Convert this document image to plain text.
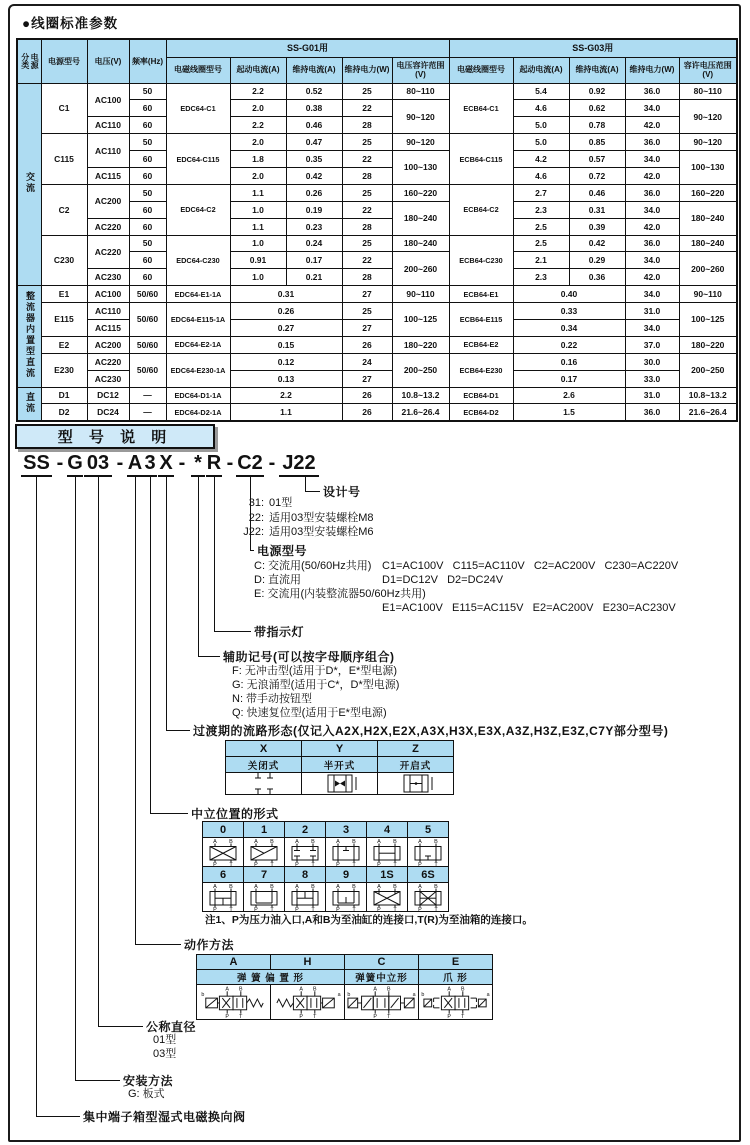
●线圈标准参数
分类 电源	电源型号	电压(V)	频率(Hz)	SS-G01用					SS-G03用				
				电磁线圈型号	起动电流(A)	维持电流(A)	维持电力(W)	电压容许范围(V)	电磁线圈型号	起动电流(A)	维持电流(A)	维持电力(W)	容许电压范围(V)
交流	C1	AC100	50	EDC64-C1	2.2	0.52	25	80~110	ECB64-C1	5.4	0.92	36.0	80~110
			60		2.0	0.38	22	90~120		4.6	0.62	34.0	90~120
		AC110	60		2.2	0.46	28			5.0	0.78	42.0	
	C115	AC110	50	EDC64-C115	2.0	0.47	25	90~120	ECB64-C115	5.0	0.85	36.0	90~120
			60		1.8	0.35	22	100~130		4.2	0.57	34.0	100~130
		AC115	60		2.0	0.42	28			4.6	0.72	42.0	
	C2	AC200	50	EDC64-C2	1.1	0.26	25	160~220	ECB64-C2	2.7	0.46	36.0	160~220
			60		1.0	0.19	22	180~240		2.3	0.31	34.0	180~240
		AC220	60		1.1	0.23	28			2.5	0.39	42.0	
	C230	AC220	50	EDC64-C230	1.0	0.24	25	180~240	ECB64-C230	2.5	0.42	36.0	180~240
			60		0.91	0.17	22	200~260		2.1	0.29	34.0	200~260
		AC230	60		1.0	0.21	28			2.3	0.36	42.0	
整流器内置型直流	E1	AC100	50/60	EDC64-E1-1A	0.31		27	90~110	ECB64-E1	0.40		34.0	90~110
	E115	AC110	50/60	EDC64-E115-1A	0.26		25	100~125	ECB64-E115	0.33		31.0	100~125
		AC115			0.27		27			0.34		34.0	
	E2	AC200	50/60	EDC64-E2-1A	0.15		26	180~220	ECB64-E2	0.22		37.0	180~220
	E230	AC220	50/60	EDC64-E230-1A	0.12		24	200~250	ECB64-E230	0.16		30.0	200~250
		AC230			0.13		27			0.17		33.0	
直流	D1	DC12	—	EDC64-D1-1A	2.2		26	10.8~13.2	ECB64-D1	2.6		31.0	10.8~13.2
	D2	DC24	—	EDC64-D2-1A	1.1		26	21.6~26.4	ECB64-D2	1.5		36.0	21.6~26.4
型 号 说 明
SS - G 03 - A 3 X - * R - C2 - J22
集中端子箱型湿式电磁换向阀
安装方法
公称直径
动作方法
中立位置的形式
过渡期的流路形态(仅记入A2X,H2X,E2X,A3X,H3X,E3X,A3Z,H3Z,E3Z,C7Y部分型号)
辅助记号(可以按字母顺序组合)
带指示灯
电源型号
设计号
31: 01型
22: 适用03型安装螺栓M8
J22: 适用03型安装螺栓M6
C: 交流用(50/60Hz共用) C1=AC100V   C115=AC110V   C2=AC200V   C230=AC220V
D: 直流用	D1=DC12V   D2=DC24V
E: 交流用(内装整流器50/60Hz共用)
E1=AC100V   E115=AC115V   E2=AC200V   E230=AC230V
F: 无冲击型(适用于D*，E*型电源)
G: 无浪涌型(适用于C*，D*型电源)
N: 带手动按钮型
Q: 快速复位型(适用于E*型电源)
01型
03型
G: 板式
注1、P为压力油入口,A和B为至油缸的连接口,T(R)为至油箱的连接口。
X	Y	Z
关闭式	半开式	开启式

0	1	2	3	4	5

A B
P T	A B
P T	A B
P T	A B
P T	A B
P T	A B
P T

6	7	8	9	1S	6S

A B
P T	A B
P T	A B
P T	A B
P T	A B
P T	A B
P T
A	H	C	E
弹 簧 偏 置 形		弹簧中立形	爪 形

A B
P T
b

A B
P T
a

A B
P T
b	a

A B
P T
b	a
